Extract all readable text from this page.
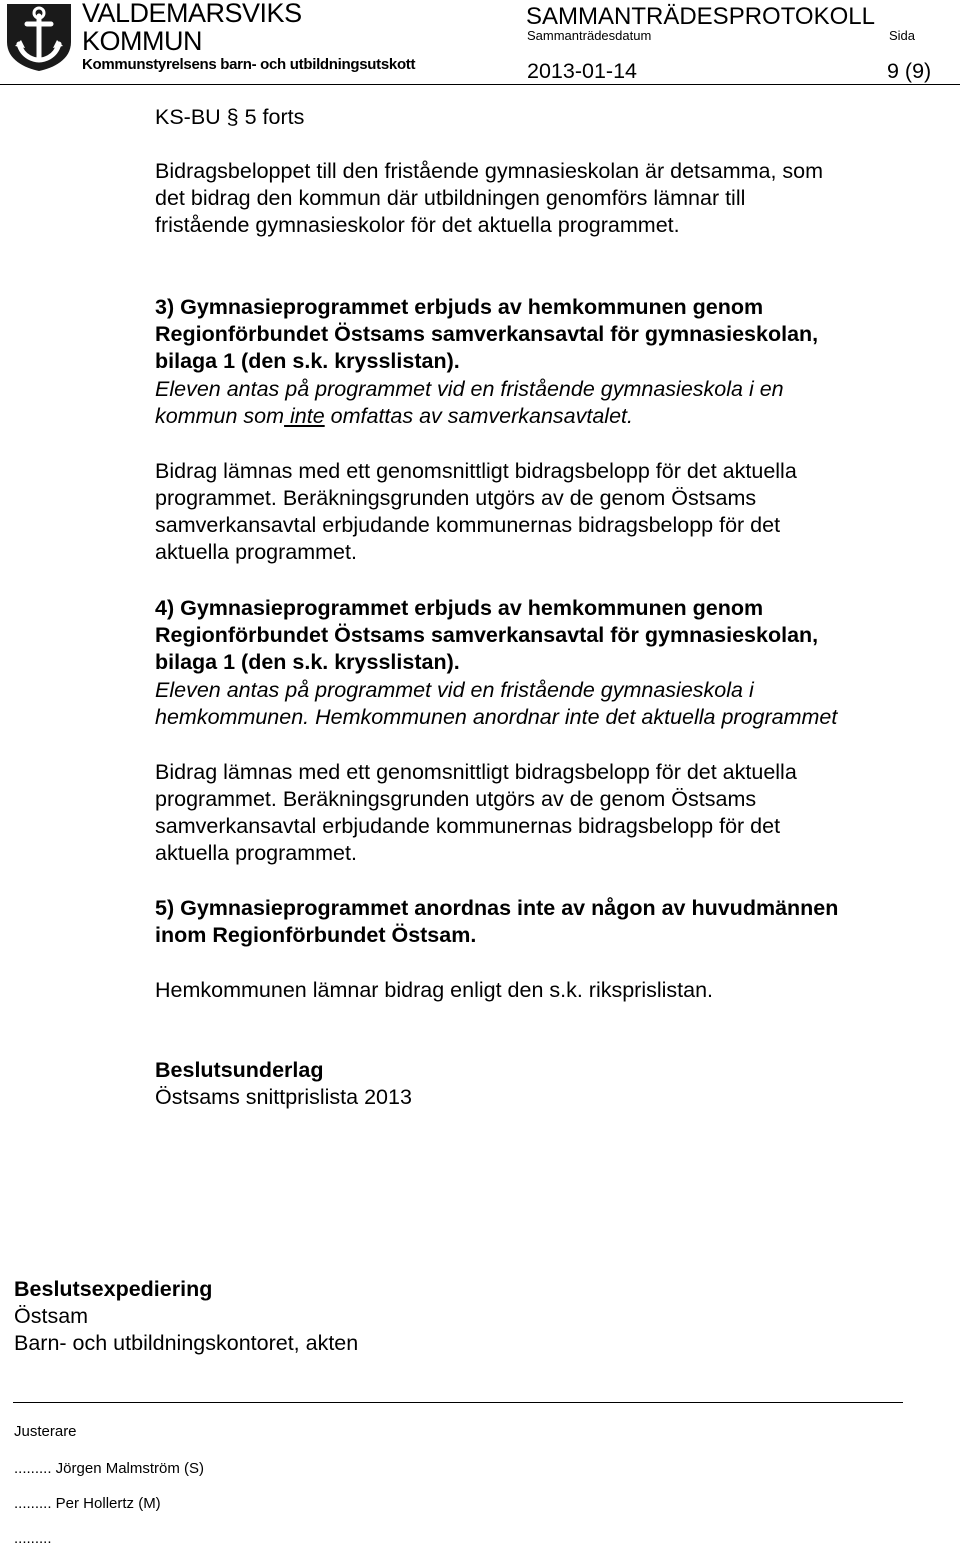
VALDEMARSVIKS
KOMMUN
Kommunstyrelsens barn- och utbildningsutskott
SAMMANTRÄDESPROTOKOLL
Sammanträdesdatum	Sida
2013-01-14	9 (9)
KS-BU § 5 forts
Bidragsbeloppet till den fristående gymnasieskolan är detsamma, som
det bidrag den kommun där utbildningen genomförs lämnar till
fristående gymnasieskolor för det aktuella programmet.
3) Gymnasieprogrammet erbjuds av hemkommunen genom
Regionförbundet Östsams samverkansavtal för gymnasieskolan,
bilaga 1 (den s.k. krysslistan).
Eleven antas på programmet vid en fristående gymnasieskola i en
kommun som inte omfattas av samverkansavtalet.
Bidrag lämnas med ett genomsnittligt bidragsbelopp för det aktuella
programmet. Beräkningsgrunden utgörs av de genom Östsams
samverkansavtal erbjudande kommunernas bidragsbelopp för det
aktuella programmet.
4) Gymnasieprogrammet erbjuds av hemkommunen genom
Regionförbundet Östsams samverkansavtal för gymnasieskolan,
bilaga 1 (den s.k. krysslistan).
Eleven antas på programmet vid en fristående gymnasieskola i
hemkommunen. Hemkommunen anordnar inte det aktuella programmet
Bidrag lämnas med ett genomsnittligt bidragsbelopp för det aktuella
programmet. Beräkningsgrunden utgörs av de genom Östsams
samverkansavtal erbjudande kommunernas bidragsbelopp för det
aktuella programmet.
5) Gymnasieprogrammet anordnas inte av någon av huvudmännen
inom Regionförbundet Östsam.
Hemkommunen lämnar bidrag enligt den s.k. riksprislistan.
Beslutsunderlag
Östsams snittprislista 2013
Beslutsexpediering
Östsam
Barn- och utbildningskontoret, akten
Justerare
......... Jörgen Malmström (S)
......... Per Hollertz (M)
.........
